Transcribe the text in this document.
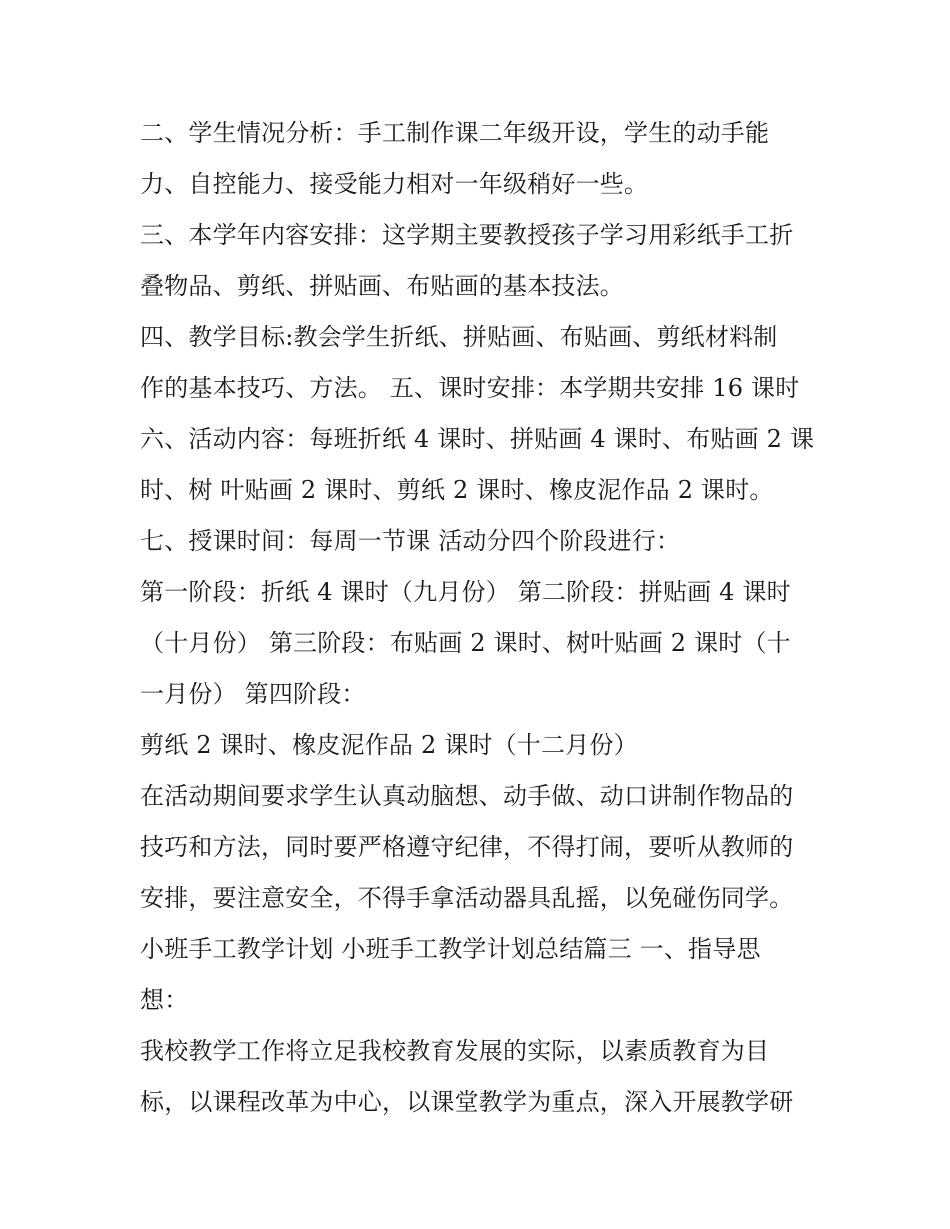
二、学生情况分析：手工制作课二年级开设，学生的动手能
力、自控能力、接受能力相对一年级稍好一些。
三、本学年内容安排：这学期主要教授孩子学习用彩纸手工折
叠物品、剪纸、拼贴画、布贴画的基本技法。
四、教学目标:教会学生折纸、拼贴画、布贴画、剪纸材料制
作的基本技巧、方法。 五、课时安排：本学期共安排 16 课时
六、活动内容：每班折纸 4 课时、拼贴画 4 课时、布贴画 2 课
时、树 叶贴画 2 课时、剪纸 2 课时、橡皮泥作品 2 课时。
七、授课时间：每周一节课 活动分四个阶段进行：
第一阶段：折纸 4 课时（九月份） 第二阶段：拼贴画 4 课时
（十月份） 第三阶段：布贴画 2 课时、树叶贴画 2 课时（十
一月份） 第四阶段：
剪纸 2 课时、橡皮泥作品 2 课时（十二月份）
在活动期间要求学生认真动脑想、动手做、动口讲制作物品的
技巧和方法，同时要严格遵守纪律，不得打闹，要听从教师的
安排，要注意安全，不得手拿活动器具乱摇，以免碰伤同学。
小班手工教学计划 小班手工教学计划总结篇三 一、指导思
想：
我校教学工作将立足我校教育发展的实际，以素质教育为目
标，以课程改革为中心，以课堂教学为重点，深入开展教学研
